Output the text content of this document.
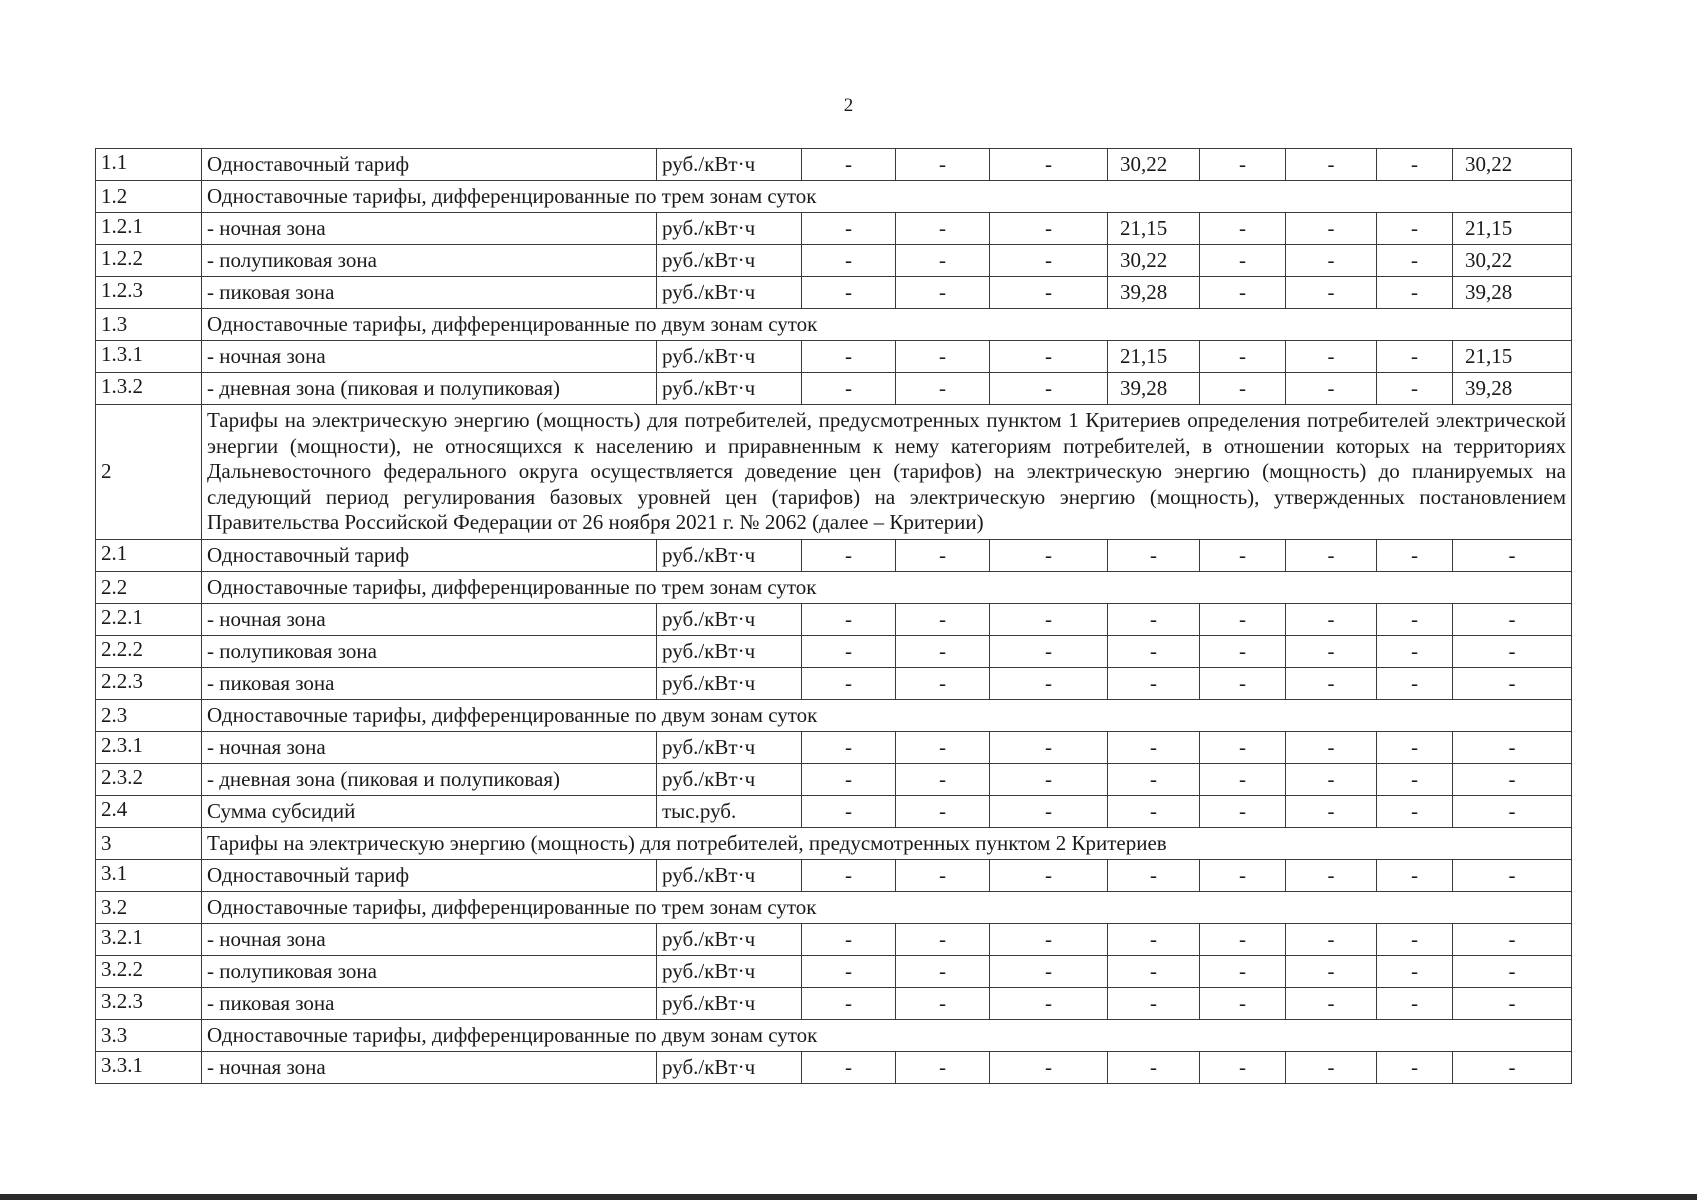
2
1.1	Одноставочный тариф	руб./кВт·ч	-	-	-	30,22	-	-	-	30,22
1.2	Одноставочные тарифы, дифференцированные по трем зонам суток									
1.2.1	- ночная зона	руб./кВт·ч	-	-	-	21,15	-	-	-	21,15
1.2.2	- полупиковая зона	руб./кВт·ч	-	-	-	30,22	-	-	-	30,22
1.2.3	- пиковая зона	руб./кВт·ч	-	-	-	39,28	-	-	-	39,28
1.3	Одноставочные тарифы, дифференцированные по двум зонам суток									
1.3.1	- ночная зона	руб./кВт·ч	-	-	-	21,15	-	-	-	21,15
1.3.2	- дневная зона (пиковая и полупиковая)	руб./кВт·ч	-	-	-	39,28	-	-	-	39,28
2	Тарифы на электрическую энергию (мощность) для потребителей, предусмотренных пунктом 1 Критериев определения потребителей электрической энергии (мощности), не относящихся к населению и приравненным к нему категориям потребителей, в отношении которых на территориях Дальневосточного федерального округа осуществляется доведение цен (тарифов) на электрическую энергию (мощность) до планируемых на следующий период регулирования базовых уровней цен (тарифов) на электрическую энергию (мощность), утвержденных постановлением Правительства Российской Федерации от 26 ноября 2021 г. № 2062 (далее – Критерии)									
2.1	Одноставочный тариф	руб./кВт·ч	-	-	-	-	-	-	-	-
2.2	Одноставочные тарифы, дифференцированные по трем зонам суток									
2.2.1	- ночная зона	руб./кВт·ч	-	-	-	-	-	-	-	-
2.2.2	- полупиковая зона	руб./кВт·ч	-	-	-	-	-	-	-	-
2.2.3	- пиковая зона	руб./кВт·ч	-	-	-	-	-	-	-	-
2.3	Одноставочные тарифы, дифференцированные по двум зонам суток									
2.3.1	- ночная зона	руб./кВт·ч	-	-	-	-	-	-	-	-
2.3.2	- дневная зона (пиковая и полупиковая)	руб./кВт·ч	-	-	-	-	-	-	-	-
2.4	Сумма субсидий	тыс.руб.	-	-	-	-	-	-	-	-
3	Тарифы на электрическую энергию (мощность) для потребителей, предусмотренных пунктом 2 Критериев									
3.1	Одноставочный тариф	руб./кВт·ч	-	-	-	-	-	-	-	-
3.2	Одноставочные тарифы, дифференцированные по трем зонам суток									
3.2.1	- ночная зона	руб./кВт·ч	-	-	-	-	-	-	-	-
3.2.2	- полупиковая зона	руб./кВт·ч	-	-	-	-	-	-	-	-
3.2.3	- пиковая зона	руб./кВт·ч	-	-	-	-	-	-	-	-
3.3	Одноставочные тарифы, дифференцированные по двум зонам суток									
3.3.1	- ночная зона	руб./кВт·ч	-	-	-	-	-	-	-	-
